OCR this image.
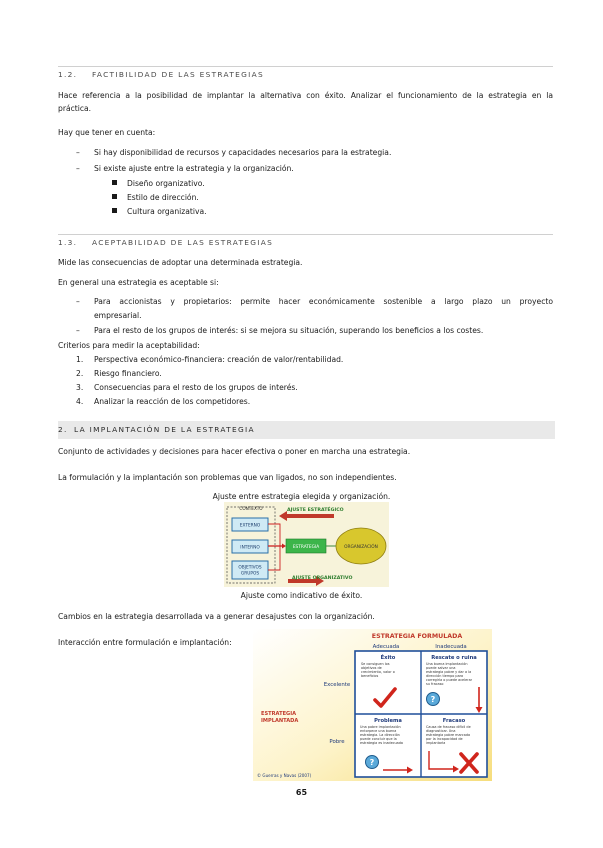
1.2. FACTIBILIDAD DE LAS ESTRATEGIAS
Hace referencia a la posibilidad de implantar la alternativa con éxito. Analizar el funcionamiento de la estrategia en la
práctica.
Hay que tener en cuenta:
– Si hay disponibilidad de recursos y capacidades necesarios para la estrategia.
– Si existe ajuste entre la estrategia y la organización.
Diseño organizativo.
Estilo de dirección.
Cultura organizativa.
1.3. ACEPTABILIDAD DE LAS ESTRATEGIAS
Mide las consecuencias de adoptar una determinada estrategia.
En general una estrategia es aceptable si:
–	Para accionistas y propietarios: permite hacer económicamente sostenible a largo plazo un proyecto
empresarial.
– Para el resto de los grupos de interés: si se mejora su situación, superando los beneficios a los costes.
Criterios para medir la aceptabilidad:
1. Perspectiva económico-financiera: creación de valor/rentabilidad.
2. Riesgo financiero.
3. Consecuencias para el resto de los grupos de interés.
4. Analizar la reacción de los competidores.
2. LA IMPLANTACIÓN DE LA ESTRATEGIA
Conjunto de actividades y decisiones para hacer efectiva o poner en marcha una estrategia.
La formulación y la implantación son problemas que van ligados, no son independientes.
Ajuste entre estrategia elegida y organización.
CONTEXTO
EXTERNO
INTERNO
OBJETIVOS
GRUPOS
ESTRATEGIA	ORGANIZACIÓN
AJUSTE ESTRATÉGICO
AJUSTE ORGANIZATIVO
Ajuste como indicativo de éxito.
Cambios en la estrategia desarrollada va a generar desajustes con la organización.
Interacción entre formulación e implantación:
ESTRATEGIA FORMULADA
Adecuada	Inadecuada
ESTRATEGIA
IMPLANTADA
Excelente
Pobre
Éxito
Se consiguen los
objetivos de
crecimiento, valor o
beneficios
Rescate o ruina
Una buena implantación
puede salvar una
estrategia pobre y dar a la
dirección tiempo para
corregirla o puede acelerar
su fracaso
?
Problema
Una pobre implantación
entorpece una buena
estrategia. La dirección
puede concluir que la
estrategia es inadecuada
?
Fracaso
Causa de fracaso difícil de
diagnosticar. Una
estrategia pobre marcada
por la incapacidad de
implantarla
© Guerras y Navas (2007)
65
